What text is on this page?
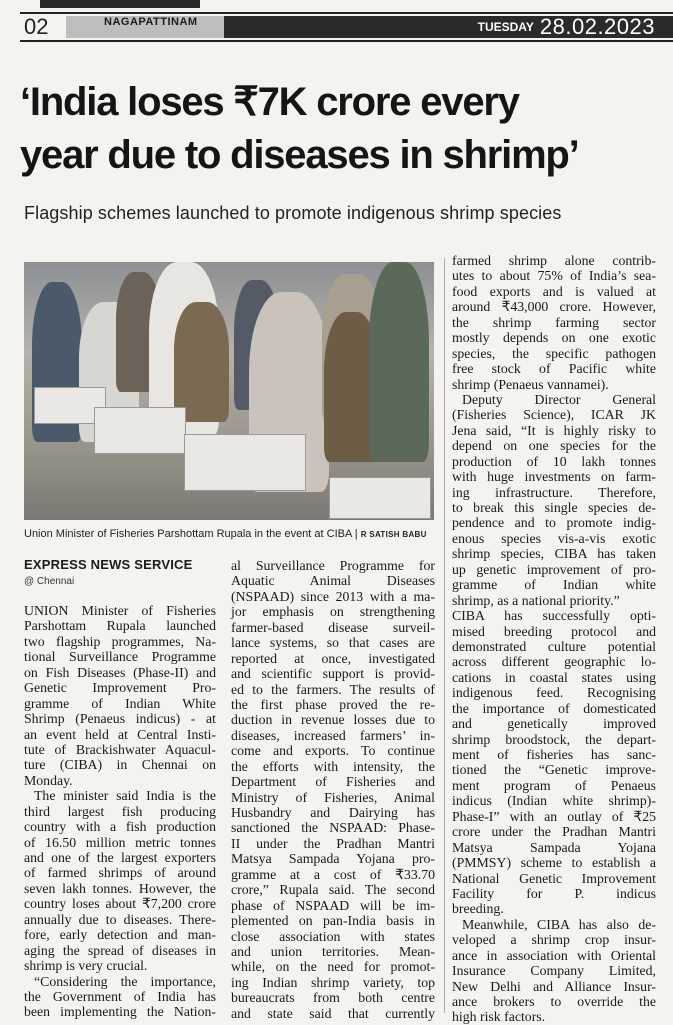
02	NAGAPATTINAM	TUESDAY 28.02.2023
‘India loses ₹7K crore every
year due to diseases in shrimp’

Flagship schemes launched to promote indigenous shrimp species

Union Minister of Fisheries Parshottam Rupala in the event at CIBA | R SATISH BABU
EXPRESS NEWS SERVICE
@ Chennai
UNION Minister of Fisheries
Parshottam Rupala launched
two flagship programmes, Na-
tional Surveillance Programme
on Fish Diseases (Phase-II) and
Genetic Improvement Pro-
gramme of Indian White
Shrimp (Penaeus indicus) - at
an event held at Central Insti-
tute of Brackishwater Aquacul-
ture (CIBA) in Chennai on
Monday.
The minister said India is the
third largest fish producing
country with a fish production
of 16.50 million metric tonnes
and one of the largest exporters
of farmed shrimps of around
seven lakh tonnes. However, the
country loses about ₹7,200 crore
annually due to diseases. There-
fore, early detection and man-
aging the spread of diseases in
shrimp is very crucial.
“Considering the importance,
the Government of India has
been implementing the Nation-
al Surveillance Programme for
Aquatic Animal Diseases
(NSPAAD) since 2013 with a ma-
jor emphasis on strengthening
farmer-based disease surveil-
lance systems, so that cases are
reported at once, investigated
and scientific support is provid-
ed to the farmers. The results of
the first phase proved the re-
duction in revenue losses due to
diseases, increased farmers’ in-
come and exports. To continue
the efforts with intensity, the
Department of Fisheries and
Ministry of Fisheries, Animal
Husbandry and Dairying has
sanctioned the NSPAAD: Phase-
II under the Pradhan Mantri
Matsya Sampada Yojana pro-
gramme at a cost of ₹33.70
crore,” Rupala said. The second
phase of NSPAAD will be im-
plemented on pan-India basis in
close association with states
and union territories. Mean-
while, on the need for promot-
ing Indian shrimp variety, top
bureaucrats from both centre
and state said that currently
farmed shrimp alone contrib-
utes to about 75% of India’s sea-
food exports and is valued at
around ₹43,000 crore. However,
the shrimp farming sector
mostly depends on one exotic
species, the specific pathogen
free stock of Pacific white
shrimp (Penaeus vannamei).
Deputy Director General
(Fisheries Science), ICAR JK
Jena said, “It is highly risky to
depend on one species for the
production of 10 lakh tonnes
with huge investments on farm-
ing infrastructure. Therefore,
to break this single species de-
pendence and to promote indig-
enous species vis-a-vis exotic
shrimp species, CIBA has taken
up genetic improvement of pro-
gramme of Indian white
shrimp, as a national priority.”
CIBA has successfully opti-
mised breeding protocol and
demonstrated culture potential
across different geographic lo-
cations in coastal states using
indigenous feed. Recognising
the importance of domesticated
and genetically improved
shrimp broodstock, the depart-
ment of fisheries has sanc-
tioned the “Genetic improve-
ment program of Penaeus
indicus (Indian white shrimp)-
Phase-I” with an outlay of ₹25
crore under the Pradhan Mantri
Matsya Sampada Yojana
(PMMSY) scheme to establish a
National Genetic Improvement
Facility for P. indicus
breeding.
Meanwhile, CIBA has also de-
veloped a shrimp crop insur-
ance in association with Oriental
Insurance Company Limited,
New Delhi and Alliance Insur-
ance brokers to override the
high risk factors.
